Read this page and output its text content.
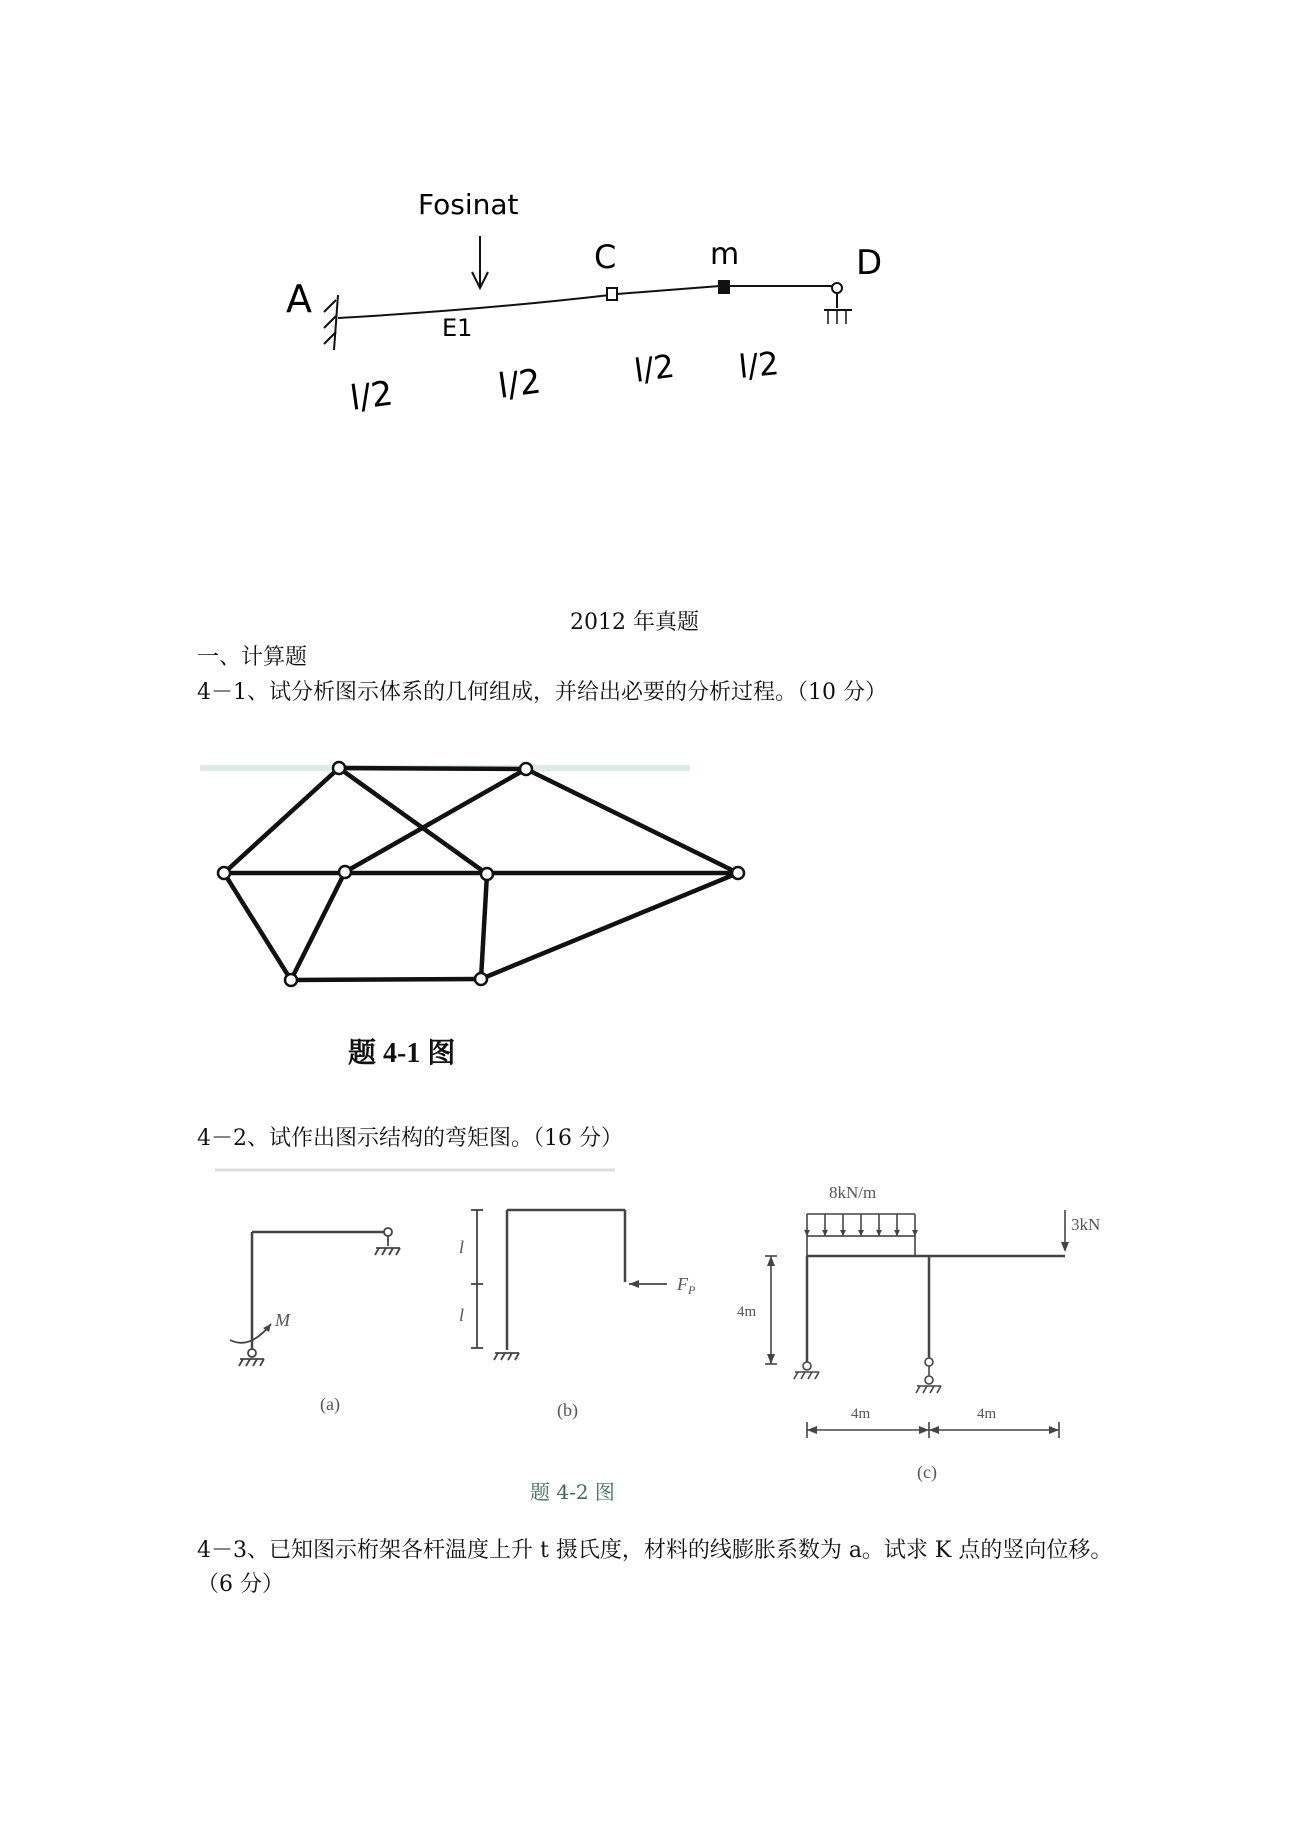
Fosinat
A
C	m	D
E1
l/2	l/2	l/2 l/2
2012 年真题
一、计算题
4－1、试分析图示体系的几何组成，并给出必要的分析过程。（10 分）
题 4-1 图
4－2、试作出图示结构的弯矩图。（16 分）
M
(a)
l
l
$F_P$
(b)
8kN/m
3kN
4m
4m	4m
(c)
题 4-2 图
4－3、已知图示桁架各杆温度上升 t 摄氏度，材料的线膨胀系数为 a。试求 K 点的竖向位移。
（6 分）
